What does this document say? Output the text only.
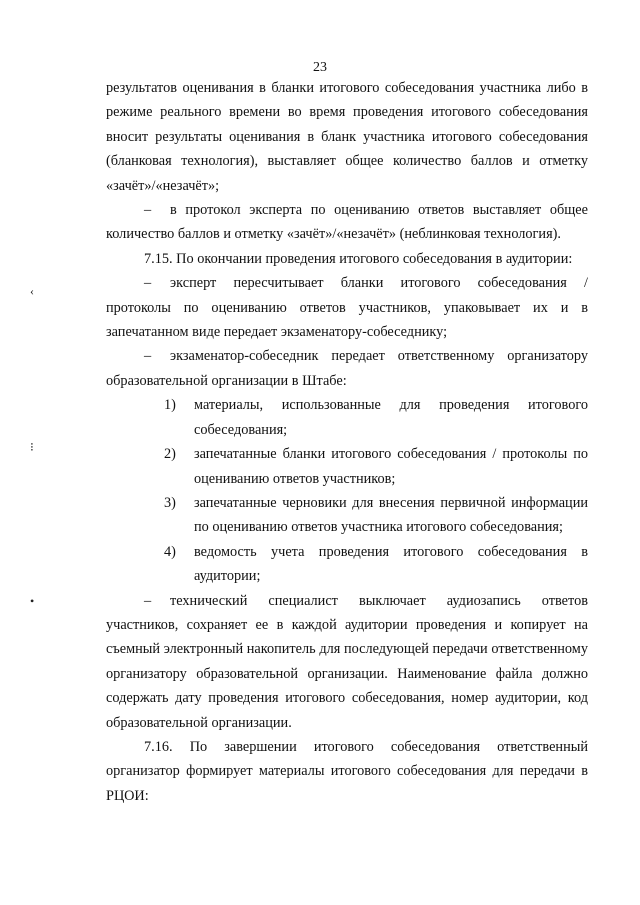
23

результатов оценивания в бланки итогового собеседования участника либо в режиме реального времени во время проведения итогового собеседования вносит результаты оценивания в бланк участника итогового собеседования (бланковая технология), выставляет общее количество баллов и отметку «зачёт»/«незачёт»;

– в протокол эксперта по оцениванию ответов выставляет общее количество баллов и отметку «зачёт»/«незачёт» (неблинковая технология).

7.15. По окончании проведения итогового собеседования в аудитории:

– эксперт пересчитывает бланки итогового собеседования / протоколы по оцениванию ответов участников, упаковывает их и в запечатанном виде передает экзаменатору-собеседнику;

– экзаменатор-собеседник передает ответственному организатору образовательной организации в Штабе:

1) материалы, использованные для проведения итогового собеседования;
2) запечатанные бланки итогового собеседования / протоколы по оцениванию ответов участников;
3) запечатанные черновики для внесения первичной информации по оцениванию ответов участника итогового собеседования;
4) ведомость учета проведения итогового собеседования в аудитории;

– технический специалист выключает аудиозапись ответов участников, сохраняет ее в каждой аудитории проведения и копирует на съемный электронный накопитель для последующей передачи ответственному организатору образовательной организации. Наименование файла должно содержать дату проведения итогового собеседования, номер аудитории, код образовательной организации.

7.16. По завершении итогового собеседования ответственный организатор формирует материалы итогового собеседования для передачи в РЦОИ:

‹
⁝
•
